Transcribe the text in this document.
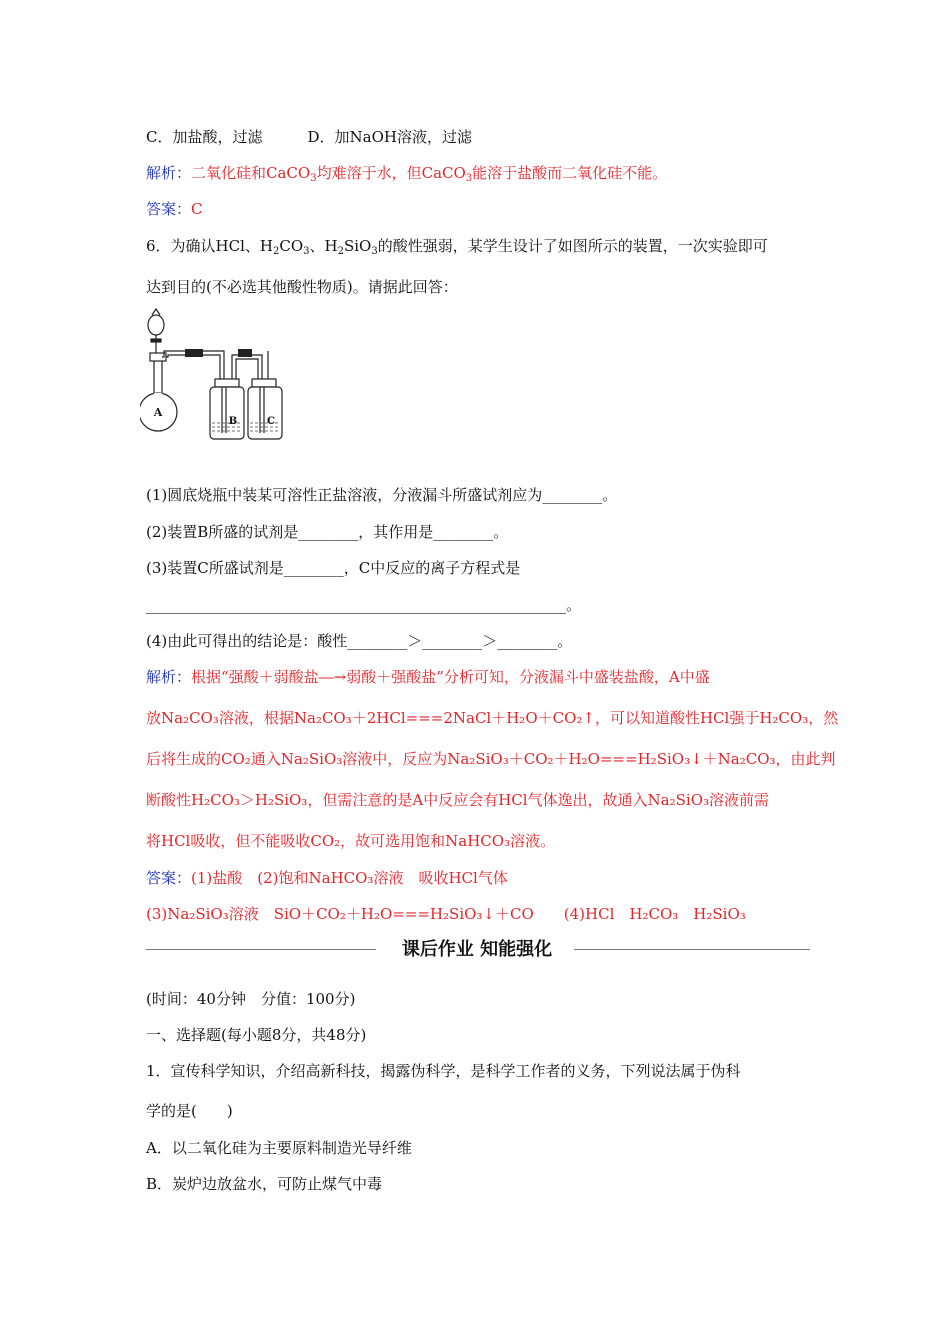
C．加盐酸，过滤　　　D．加NaOH溶液，过滤
解析：二氧化硅和CaCO$_3$均难溶于水，但CaCO$_3$能溶于盐酸而二氧化硅不能。
答案：C
6．为确认HCl、$H_2CO_3$、$H_2SiO_3$的酸性强弱，某学生设计了如图所示的装置，一次实验即可
达到目的(不必选其他酸性物质)。请据此回答：
A
B	C
(1)圆底烧瓶中装某可溶性正盐溶液，分液漏斗所盛试剂应为________。
(2)装置B所盛的试剂是________，其作用是________。
(3)装置C所盛试剂是________，C中反应的离子方程式是
________________________________________________________。
(4)由此可得出的结论是：酸性________＞________＞________。
解析：根据“强酸＋弱酸盐―→弱酸＋强酸盐”分析可知，分液漏斗中盛装盐酸，A中盛
放Na₂CO₃溶液，根据Na₂CO₃＋2HCl===2NaCl＋H₂O＋CO₂↑，可以知道酸性HCl强于H₂CO₃，然
后将生成的CO₂通入Na₂SiO₃溶液中，反应为Na₂SiO₃＋CO₂＋H₂O===H₂SiO₃↓＋Na₂CO₃，由此判
断酸性H₂CO₃＞H₂SiO₃，但需注意的是A中反应会有HCl气体逸出，故通入Na₂SiO₃溶液前需
将HCl吸收，但不能吸收CO₂，故可选用饱和NaHCO₃溶液。
答案：(1)盐酸　(2)饱和NaHCO₃溶液　吸收HCl气体
(3)Na₂SiO₃溶液　SiO＋CO₂＋H₂O===H₂SiO₃↓＋CO　　(4)HCl　H₂CO₃　H₂SiO₃
课后作业 知能强化
(时间：40分钟　分值：100分)
一、选择题(每小题8分，共48分)
1．宣传科学知识，介绍高新科技，揭露伪科学，是科学工作者的义务，下列说法属于伪科
学的是(　　)
A．以二氧化硅为主要原料制造光导纤维
B．炭炉边放盆水，可防止煤气中毒
